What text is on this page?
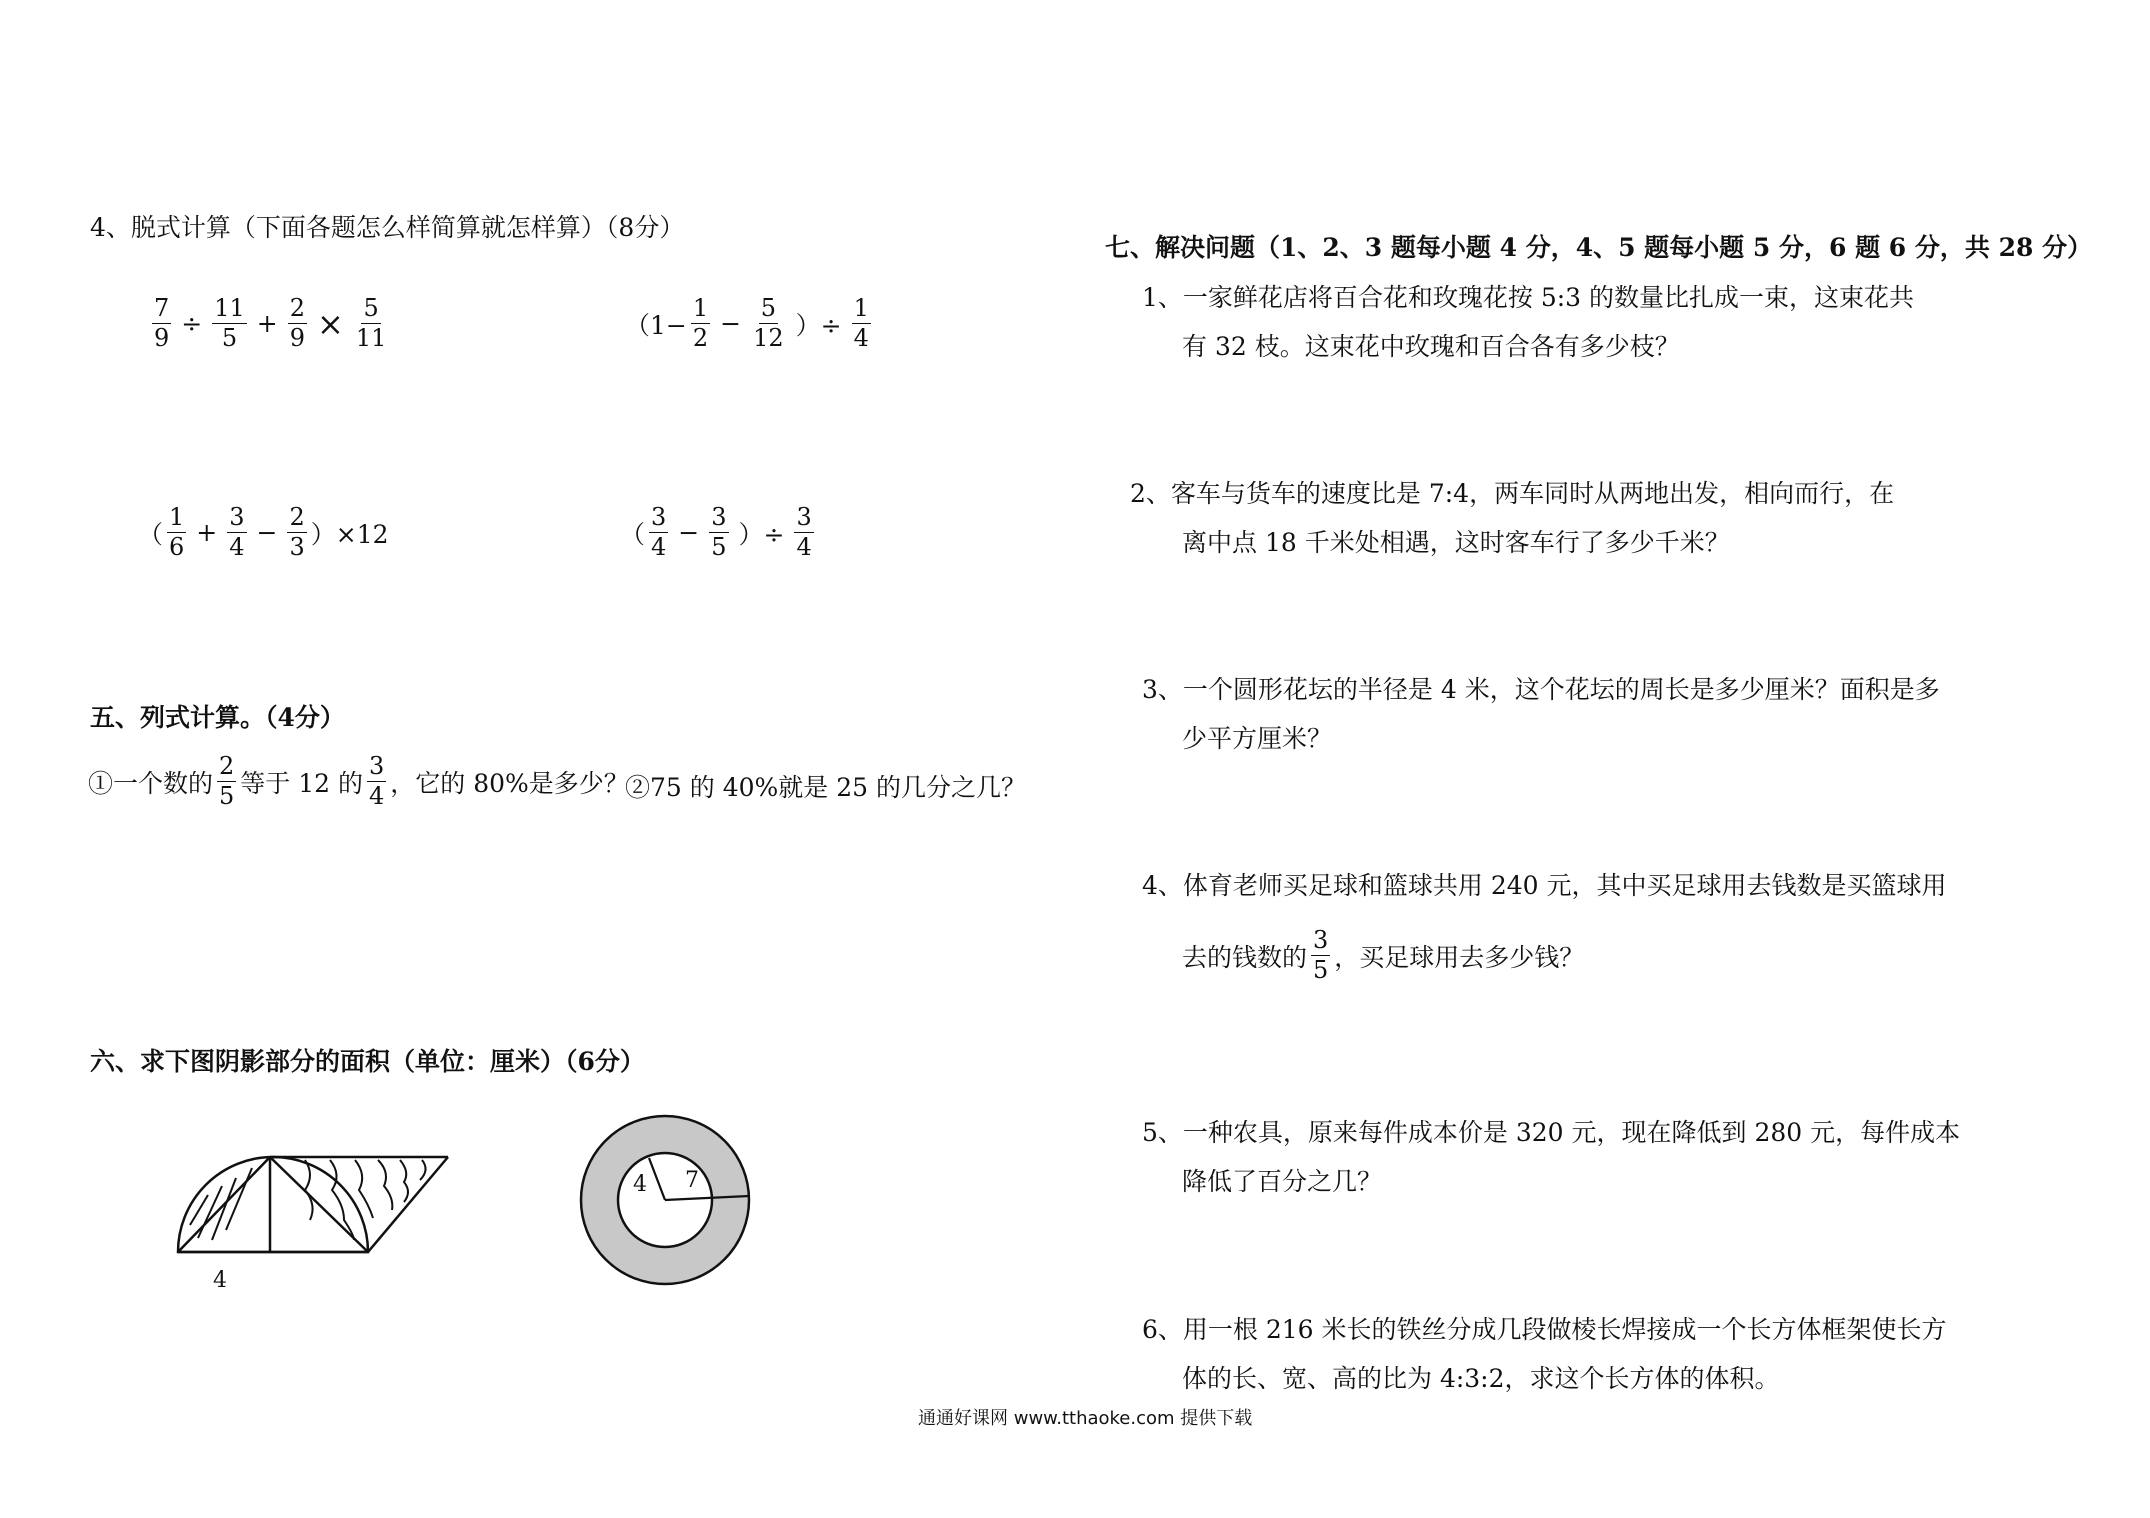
4、脱式计算（下面各题怎么样简算就怎样算）（8分）
$\frac{7}{9} \div \frac{11}{5} + \frac{2}{9} \times \frac{5}{11}$	（$1- \frac{1}{2} - \frac{5}{12}$ ）÷ $\frac{1}{4}$
（ $\frac{1}{6} + \frac{3}{4} - \frac{2}{3} )\times 12$	（ $\frac{3}{4} - \frac{3}{5}$ ）÷ $\frac{3}{4}$
五、列式计算。（4分）
①一个数的 $\frac{2}{5}$ 等于 12 的 $\frac{3}{4}$ ，它的 80%是多少？
②75 的 40%就是 25 的几分之几？
六、求下图阴影部分的面积（单位：厘米）（6分）
4
4 7
七、解决问题（1、2、3 题每小题 4 分，4、5 题每小题 5 分，6 题 6 分，共 28 分）
1、一家鲜花店将百合花和玫瑰花按 5:3 的数量比扎成一束，这束花共
有 32 枝。这束花中玫瑰和百合各有多少枝？
2、客车与货车的速度比是 7:4，两车同时从两地出发，相向而行，在
离中点 18 千米处相遇，这时客车行了多少千米？
3、一个圆形花坛的半径是 4 米，这个花坛的周长是多少厘米？面积是多
少平方厘米？
4、体育老师买足球和篮球共用 240 元，其中买足球用去钱数是买篮球用
去的钱数的 $\frac{3}{5}$ ，买足球用去多少钱？
5、一种农具，原来每件成本价是 320 元，现在降低到 280 元，每件成本
降低了百分之几？
6、用一根 216 米长的铁丝分成几段做棱长焊接成一个长方体框架使长方
体的长、宽、高的比为 4:3:2，求这个长方体的体积。
通通好课网 www.tthaoke.com 提供下载
